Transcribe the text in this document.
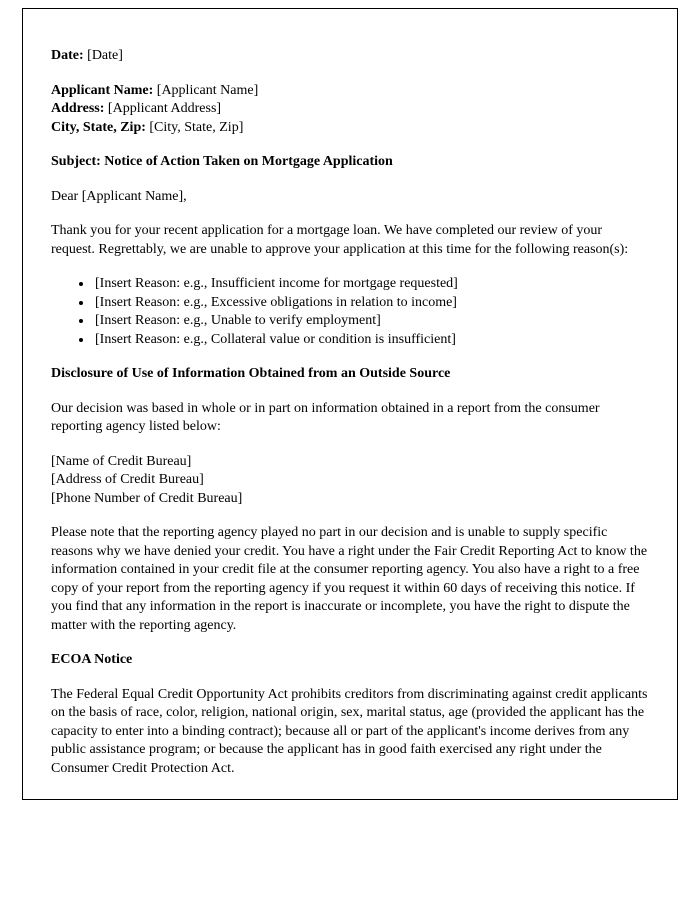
Date: [Date]
Applicant Name: [Applicant Name]
Address: [Applicant Address]
City, State, Zip: [City, State, Zip]
Subject: Notice of Action Taken on Mortgage Application
Dear [Applicant Name],
Thank you for your recent application for a mortgage loan. We have completed our review of your request. Regrettably, we are unable to approve your application at this time for the following reason(s):
• [Insert Reason: e.g., Insufficient income for mortgage requested]
• [Insert Reason: e.g., Excessive obligations in relation to income]
• [Insert Reason: e.g., Unable to verify employment]
• [Insert Reason: e.g., Collateral value or condition is insufficient]
Disclosure of Use of Information Obtained from an Outside Source
Our decision was based in whole or in part on information obtained in a report from the consumer reporting agency listed below:
[Name of Credit Bureau]
[Address of Credit Bureau]
[Phone Number of Credit Bureau]
Please note that the reporting agency played no part in our decision and is unable to supply specific reasons why we have denied your credit. You have a right under the Fair Credit Reporting Act to know the information contained in your credit file at the consumer reporting agency. You also have a right to a free copy of your report from the reporting agency if you request it within 60 days of receiving this notice. If you find that any information in the report is inaccurate or incomplete, you have the right to dispute the matter with the reporting agency.
ECOA Notice
The Federal Equal Credit Opportunity Act prohibits creditors from discriminating against credit applicants on the basis of race, color, religion, national origin, sex, marital status, age (provided the applicant has the capacity to enter into a binding contract); because all or part of the applicant's income derives from any public assistance program; or because the applicant has in good faith exercised any right under the Consumer Credit Protection Act.
